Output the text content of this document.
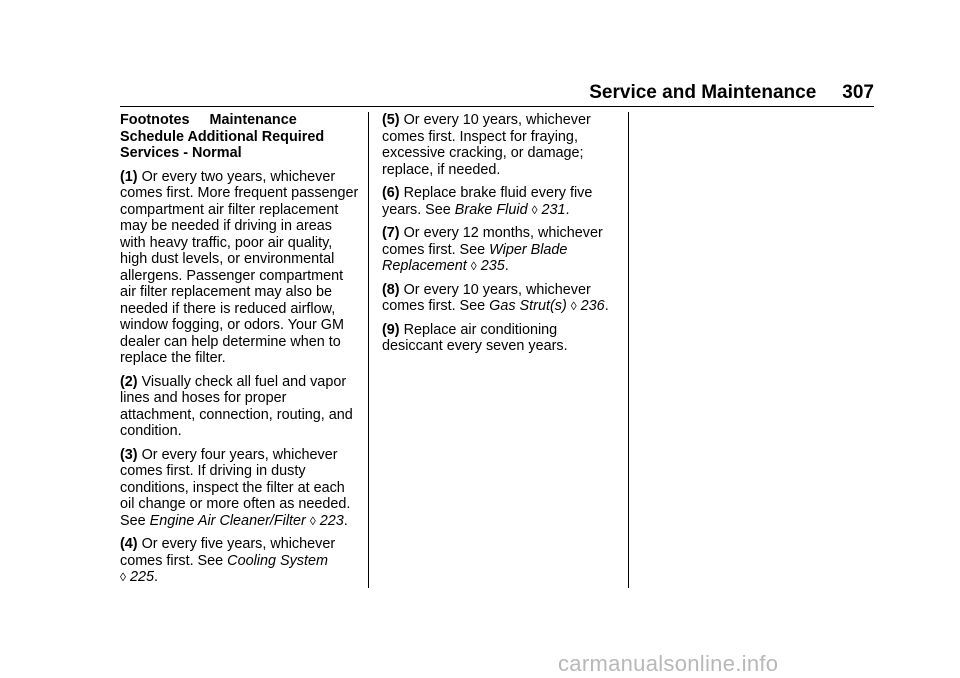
Service and Maintenance 307
Footnotes Maintenance Schedule Additional Required Services - Normal

(1) Or every two years, whichever comes first. More frequent passenger compartment air filter replacement may be needed if driving in areas with heavy traffic, poor air quality, high dust levels, or environmental allergens. Passenger compartment air filter replacement may also be needed if there is reduced airflow, window fogging, or odors. Your GM dealer can help determine when to replace the filter.

(2) Visually check all fuel and vapor lines and hoses for proper attachment, connection, routing, and condition.

(3) Or every four years, whichever comes first. If driving in dusty conditions, inspect the filter at each oil change or more often as needed. See Engine Air Cleaner/Filter ◊ 223.

(4) Or every five years, whichever comes first. See Cooling System
◊ 225.

(5) Or every 10 years, whichever comes first. Inspect for fraying, excessive cracking, or damage; replace, if needed.

(6) Replace brake fluid every five years. See Brake Fluid ◊ 231.

(7) Or every 12 months, whichever comes first. See Wiper Blade Replacement ◊ 235.

(8) Or every 10 years, whichever comes first. See Gas Strut(s) ◊ 236.

(9) Replace air conditioning desiccant every seven years.

carmanualsonline.info
